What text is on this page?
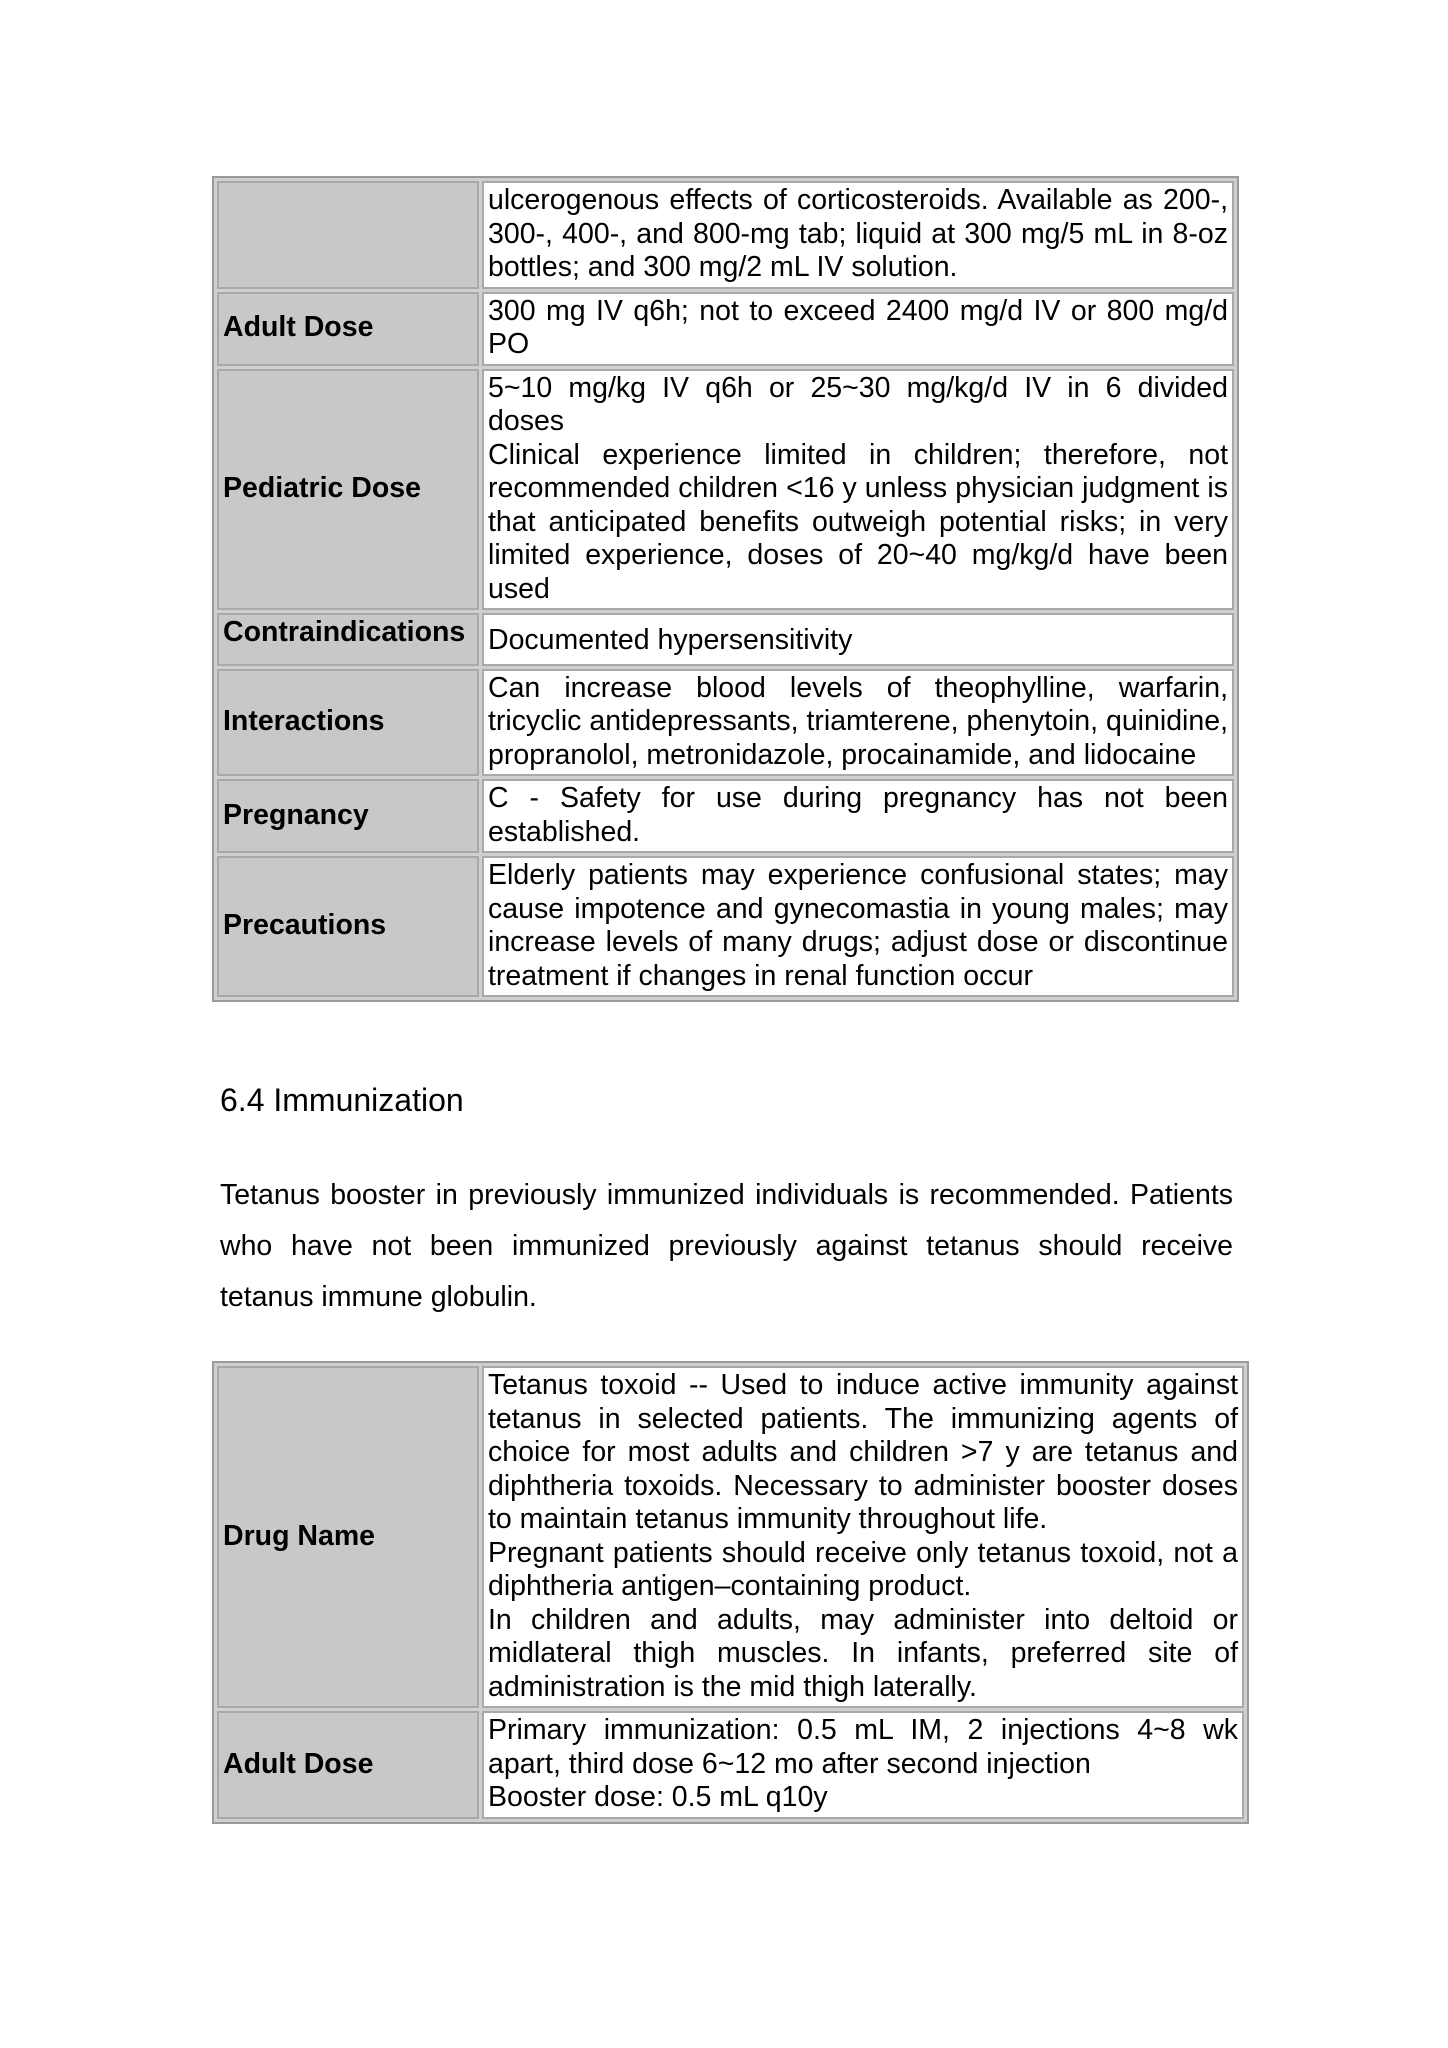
	ulcerogenous effects of corticosteroids. Available as 200-, 300-, 400-, and 800-mg tab; liquid at 300 mg/5 mL in 8-oz bottles; and 300 mg/2 mL IV solution.

Adult Dose	300 mg IV q6h; not to exceed 2400 mg/d IV or 800 mg/d PO

Pediatric Dose	5~10 mg/kg IV q6h or 25~30 mg/kg/d IV in 6 divided doses
Clinical experience limited in children; therefore, not recommended children <16 y unless physician judgment is that anticipated benefits outweigh potential risks; in very limited experience, doses of 20~40 mg/kg/d have been used

Contraindications	Documented hypersensitivity

Interactions	Can increase blood levels of theophylline, warfarin, tricyclic antidepressants, triamterene, phenytoin, quinidine, propranolol, metronidazole, procainamide, and lidocaine

Pregnancy	C - Safety for use during pregnancy has not been established.

Precautions	Elderly patients may experience confusional states; may cause impotence and gynecomastia in young males; may increase levels of many drugs; adjust dose or discontinue treatment if changes in renal function occur
6.4 Immunization

Tetanus booster in previously immunized individuals is recommended. Patients who have not been immunized previously against tetanus should receive tetanus immune globulin.

Drug Name	Tetanus toxoid -- Used to induce active immunity against tetanus in selected patients. The immunizing agents of choice for most adults and children >7 y are tetanus and diphtheria toxoids. Necessary to administer booster doses to maintain tetanus immunity throughout life.
Pregnant patients should receive only tetanus toxoid, not a diphtheria antigen–containing product.
In children and adults, may administer into deltoid or midlateral thigh muscles. In infants, preferred site of administration is the mid thigh laterally.

Adult Dose	Primary immunization: 0.5 mL IM, 2 injections 4~8 wk apart, third dose 6~12 mo after second injection
Booster dose: 0.5 mL q10y
